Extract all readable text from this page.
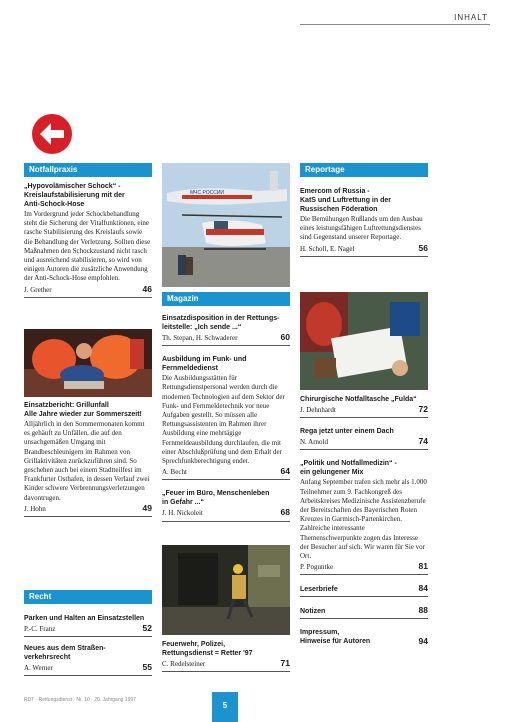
INHALT
Notfallpraxis
„Hypovolämischer Schock“ -
Kreislaufstabilisierung mit der
Anti-Schock-Hose
Im Vordergrund jeder Schockbehandlung steht die Sicherung der Vitalfunktionen, eine rasche Stabilisierung des Kreislaufs sowie die Behandlung der Verletzung. Sollten diese Maßnahmen den Schockzustand nicht rasch und ausreichend stabilisieren, so wird von einigen Autoren die zusätzliche Anwendung der Anti-Schock-Hose empfohlen.
J. Grether	46
Einsatzbericht: Grillunfall
Alle Jahre wieder zur Sommerszeit!
Alljährlich in den Sommermonaten kommt es gehäuft zu Unfällen, die auf den unsachgemäßen Umgang mit Brandbeschleunigern im Rahmen von Grillaktivitäten zurückzuführen sind. So geschehen auch bei einem Stadtteilfest im Frankfurter Osthafen, in dessen Verlauf zwei Kinder schwere Verbrennungsverletzungen davontrugen.
J. Hohn	49
Recht
Parken und Halten an Einsatzstellen
P.-C. Franz	52
Neues aus dem Straßen-
verkehrsrecht
A. Werner	55
MЧС РОССИИ
Magazin
Einsatzdisposition in der Rettungs-
leitstelle: „Ich sende ...“
Th. Stepan, H. Schwaderer	60
Ausbildung im Funk- und
Fernmeldedienst
Die Ausbildungsstätten für Rettungsdienstpersonal werden durch die modernen Technologien auf dem Sektor der Funk- und Fernmeldetechnik vor neue Aufgaben gestellt. So müssen alle Rettungsassistenten im Rahmen ihrer Ausbildung eine mehrtägige Fernmeldeausbildung durchlaufen, die mit einer Abschlußprüfung und dem Erhalt der Sprechfunkberechtigung endet.
A. Becht	64
„Feuer im Büro, Menschenleben
in Gefahr ...“
J. H. Nickoleit	68
Feuerwehr, Polizei,
Rettungsdienst = Retter '97
C. Redelsteiner	71
Reportage
Emercom of Russia -
KatS und Luftrettung in der
Russischen Föderation
Die Bemühungen Rußlands um den Ausbau eines leistungsfähigen Luftrettungsdienstes sind Gegenstand unserer Reportage.
H. Scholl, E. Nagel	56
Chirurgische Notfalltasche „Fulda“
J. Dehnhardt	72
Rega jetzt unter einem Dach
N. Arnold	74
„Politik und Notfallmedizin“ -
ein gelungener Mix
Anfang September trafen sich mehr als 1.000 Teilnehmer zum 9. Fachkongreß des Arbeitskreises Medizinische Assistenzberufe der Bereitschaften des Bayerischen Roten Kreuzes in Garmisch-Partenkirchen. Zahlreiche interessante Themenschwerpunkte zogen das Interesse der Besucher auf sich. Wir waren für Sie vor Ort.
P. Poguntke	81
Leserbriefe	84
Notizen	88
Impressum,
Hinweise für Autoren	94
RDT · Rettungsdienst · Nr. 10 · 20. Jahrgang 1997
5
